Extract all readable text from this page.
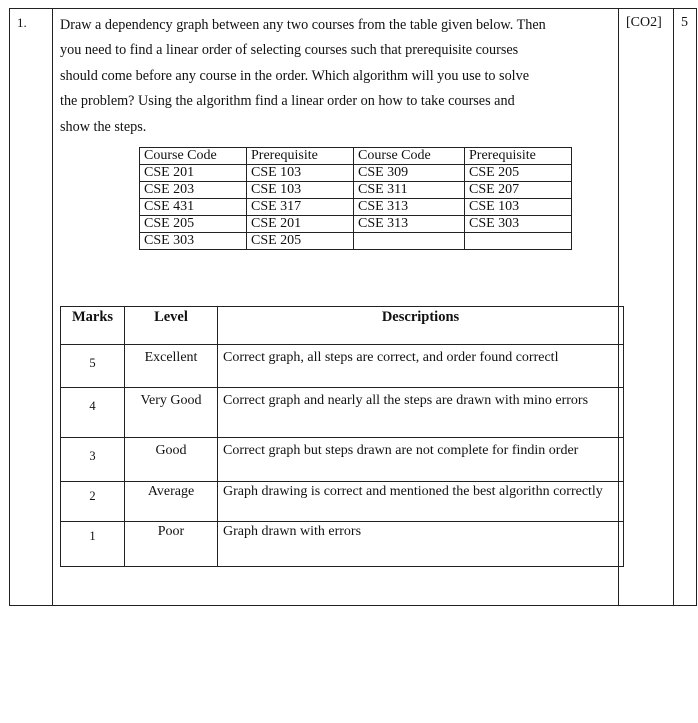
1.	[CO2] 5
Draw a dependency graph between any two courses from the table given below. Then
you need to find a linear order of selecting courses such that prerequisite courses
should come before any course in the order. Which algorithm will you use to solve
the problem? Using the algorithm find a linear order on how to take courses and
show the steps.
Course Code	Prerequisite	Course Code	Prerequisite
CSE 201	CSE 103	CSE 309	CSE 205
CSE 203	CSE 103	CSE 311	CSE 207
CSE 431	CSE 317	CSE 313	CSE 103
CSE 205	CSE 201	CSE 313	CSE 303
CSE 303	CSE 205		
Marks	Level	Descriptions

5	Excellent	Correct graph, all steps are correct, and order found correctl

4	Very Good	Correct graph and nearly all the steps are drawn with mino errors

3	Good	Correct graph but steps drawn are not complete for findin order

2	Average	Graph drawing is correct and mentioned the best algorithn correctly

1	Poor	Graph drawn with errors
